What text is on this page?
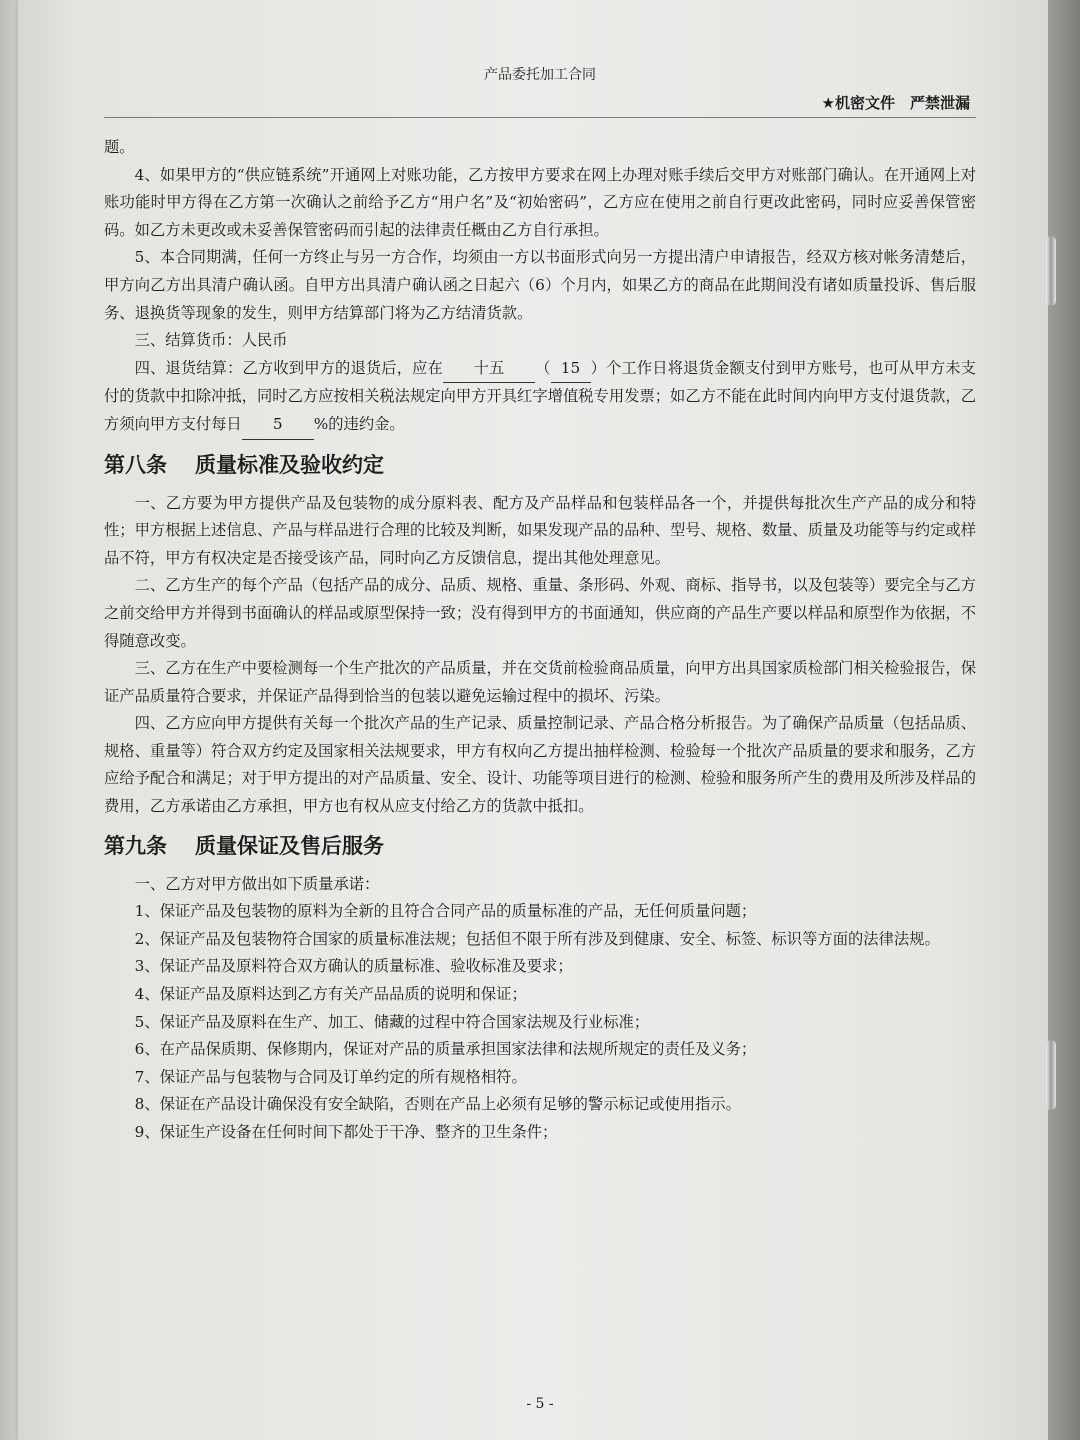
产品委托加工合同
★机密文件　严禁泄漏

题。

4、如果甲方的“供应链系统”开通网上对账功能，乙方按甲方要求在网上办理对账手续后交甲方对账部门确认。在开通网上对账功能时甲方得在乙方第一次确认之前给予乙方“用户名”及“初始密码”，乙方应在使用之前自行更改此密码，同时应妥善保管密码。如乙方未更改或未妥善保管密码而引起的法律责任概由乙方自行承担。

5、本合同期满，任何一方终止与另一方合作，均须由一方以书面形式向另一方提出清户申请报告，经双方核对帐务清楚后，甲方向乙方出具清户确认函。自甲方出具清户确认函之日起六（6）个月内，如果乙方的商品在此期间没有诸如质量投诉、售后服务、退换货等现象的发生，则甲方结算部门将为乙方结清货款。

三、结算货币：人民币

四、退货结算：乙方收到甲方的退货后，应在 十五 （ 15 ）个工作日将退货金额支付到甲方账号，也可从甲方未支付的货款中扣除冲抵，同时乙方应按相关税法规定向甲方开具红字增值税专用发票；如乙方不能在此时间内向甲方支付退货款，乙方须向甲方支付每日 5 %的违约金。

第八条 质量标准及验收约定

一、乙方要为甲方提供产品及包装物的成分原料表、配方及产品样品和包装样品各一个，并提供每批次生产产品的成分和特性；甲方根据上述信息、产品与样品进行合理的比较及判断，如果发现产品的品种、型号、规格、数量、质量及功能等与约定或样品不符，甲方有权决定是否接受该产品，同时向乙方反馈信息，提出其他处理意见。

二、乙方生产的每个产品（包括产品的成分、品质、规格、重量、条形码、外观、商标、指导书，以及包装等）要完全与乙方之前交给甲方并得到书面确认的样品或原型保持一致；没有得到甲方的书面通知，供应商的产品生产要以样品和原型作为依据，不得随意改变。

三、乙方在生产中要检测每一个生产批次的产品质量，并在交货前检验商品质量，向甲方出具国家质检部门相关检验报告，保证产品质量符合要求，并保证产品得到恰当的包装以避免运输过程中的损坏、污染。

四、乙方应向甲方提供有关每一个批次产品的生产记录、质量控制记录、产品合格分析报告。为了确保产品质量（包括品质、规格、重量等）符合双方约定及国家相关法规要求，甲方有权向乙方提出抽样检测、检验每一个批次产品质量的要求和服务，乙方应给予配合和满足；对于甲方提出的对产品质量、安全、设计、功能等项目进行的检测、检验和服务所产生的费用及所涉及样品的费用，乙方承诺由乙方承担，甲方也有权从应支付给乙方的货款中抵扣。

第九条 质量保证及售后服务

一、乙方对甲方做出如下质量承诺：

1、保证产品及包装物的原料为全新的且符合合同产品的质量标准的产品，无任何质量问题；

2、保证产品及包装物符合国家的质量标准法规；包括但不限于所有涉及到健康、安全、标签、标识等方面的法律法规。

3、保证产品及原料符合双方确认的质量标准、验收标准及要求；

4、保证产品及原料达到乙方有关产品品质的说明和保证；

5、保证产品及原料在生产、加工、储藏的过程中符合国家法规及行业标准；

6、在产品保质期、保修期内，保证对产品的质量承担国家法律和法规所规定的责任及义务；

7、保证产品与包装物与合同及订单约定的所有规格相符。

8、保证在产品设计确保没有安全缺陷，否则在产品上必须有足够的警示标记或使用指示。

9、保证生产设备在任何时间下都处于干净、整齐的卫生条件；

- 5 -
